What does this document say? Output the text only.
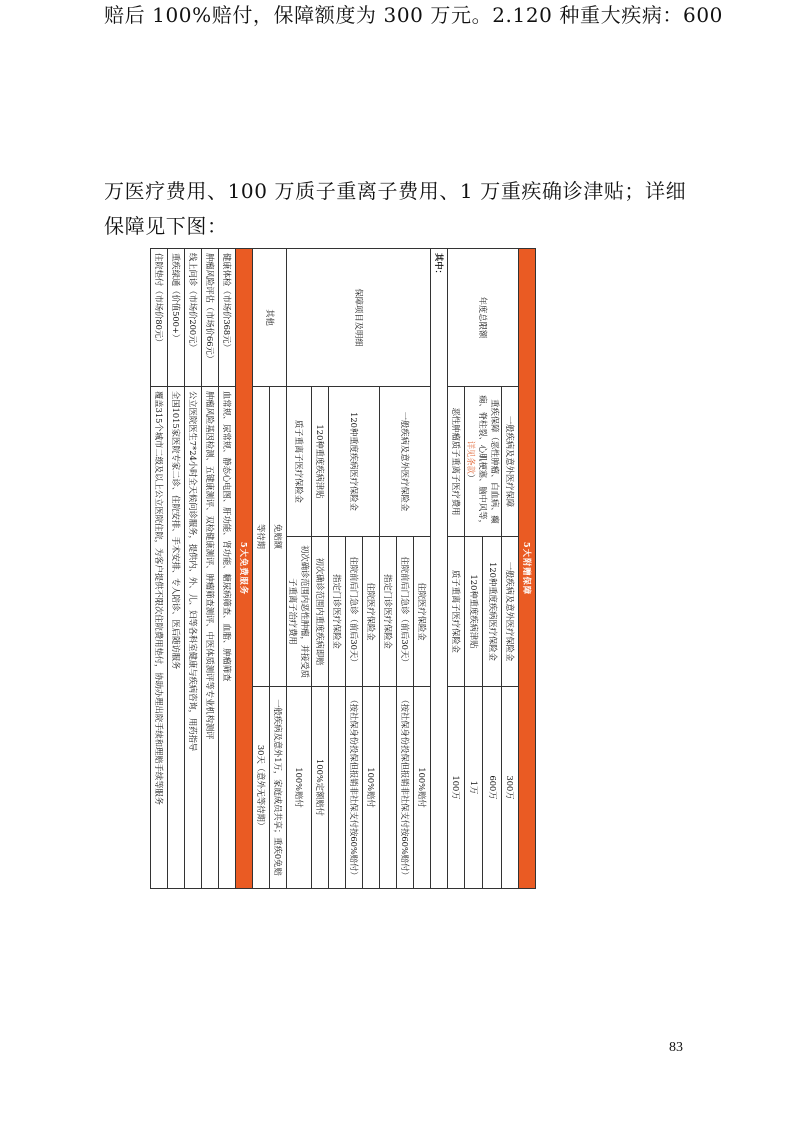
赔后 100%赔付，保障额度为 300 万元。2.120 种重大疾病：600

万医疗费用、100 万质子重离子费用、1 万重疾确诊津贴；详细

保障见下图：

5大附赠保障			
年度总限额	一般疾病及意外医疗保障	一般疾病及意外医疗保险金	300万
	重疾保障（恶性肿瘤、白血病、癫痫、脊柱裂、心肌梗塞、脑中风等，详见条款）	120种重度疾病医疗保险金	600万
		120种重度疾病津贴	1万
	恶性肿瘤质子重离子医疗费用	质子重离子医疗保险金	100万
其中：			
保障项目及明细	一般疾病及意外医疗保险金	住院医疗保险金	100%赔付
		住院前后门急诊（前后30天）	（按社保身份投保但报销非社保支付按60%赔付）
		指定门诊医疗保险金	
	120种重度疾病医疗保险金	住院医疗保险金	100%赔付
		住院前后门急诊（前后30天）	（按社保身份投保但报销非社保支付按60%赔付）
		指定门诊医疗保险金	
	120种重度疾病津贴	初次确诊范围内重度疾病即赔	100%定额赔付
	质子重离子医疗保险金	初次确诊范围内恶性肿瘤，并接受质子重离子治疗费用	100%赔付
其他	免赔额		一般疾病及意外1万，家庭成员共享；重疾0免赔
	等待期		30天（意外无等待期）
5大免费服务			
健康体检（市场价368元）	血常规、尿常规、静态心电图、肝功能、肾功能、糖尿病筛查、血脂、肿瘤筛查		
肿瘤风险评估（市场价66元）	肿瘤风险基因检测、五键康测评、双检健康测评、肿瘤筛查测评、中医体质测评等专业机构测评		
线上问诊（市场价200元）	公立医院医生7*24小时全天候问诊服务，提供内、外、儿、妇等各科室健康与疾病咨询，用药指导		
重疾绿通（价值500+）	全国1015家医院专家二诊、住院安排、手术安排、专人陪诊、医后随访服务		
住院垫付（市场价80元）	覆盖315个城市二级及以上公立医院住院，为客户提供不限次住院费用垫付，协助办理出院手续和理赔手续等服务		
83
